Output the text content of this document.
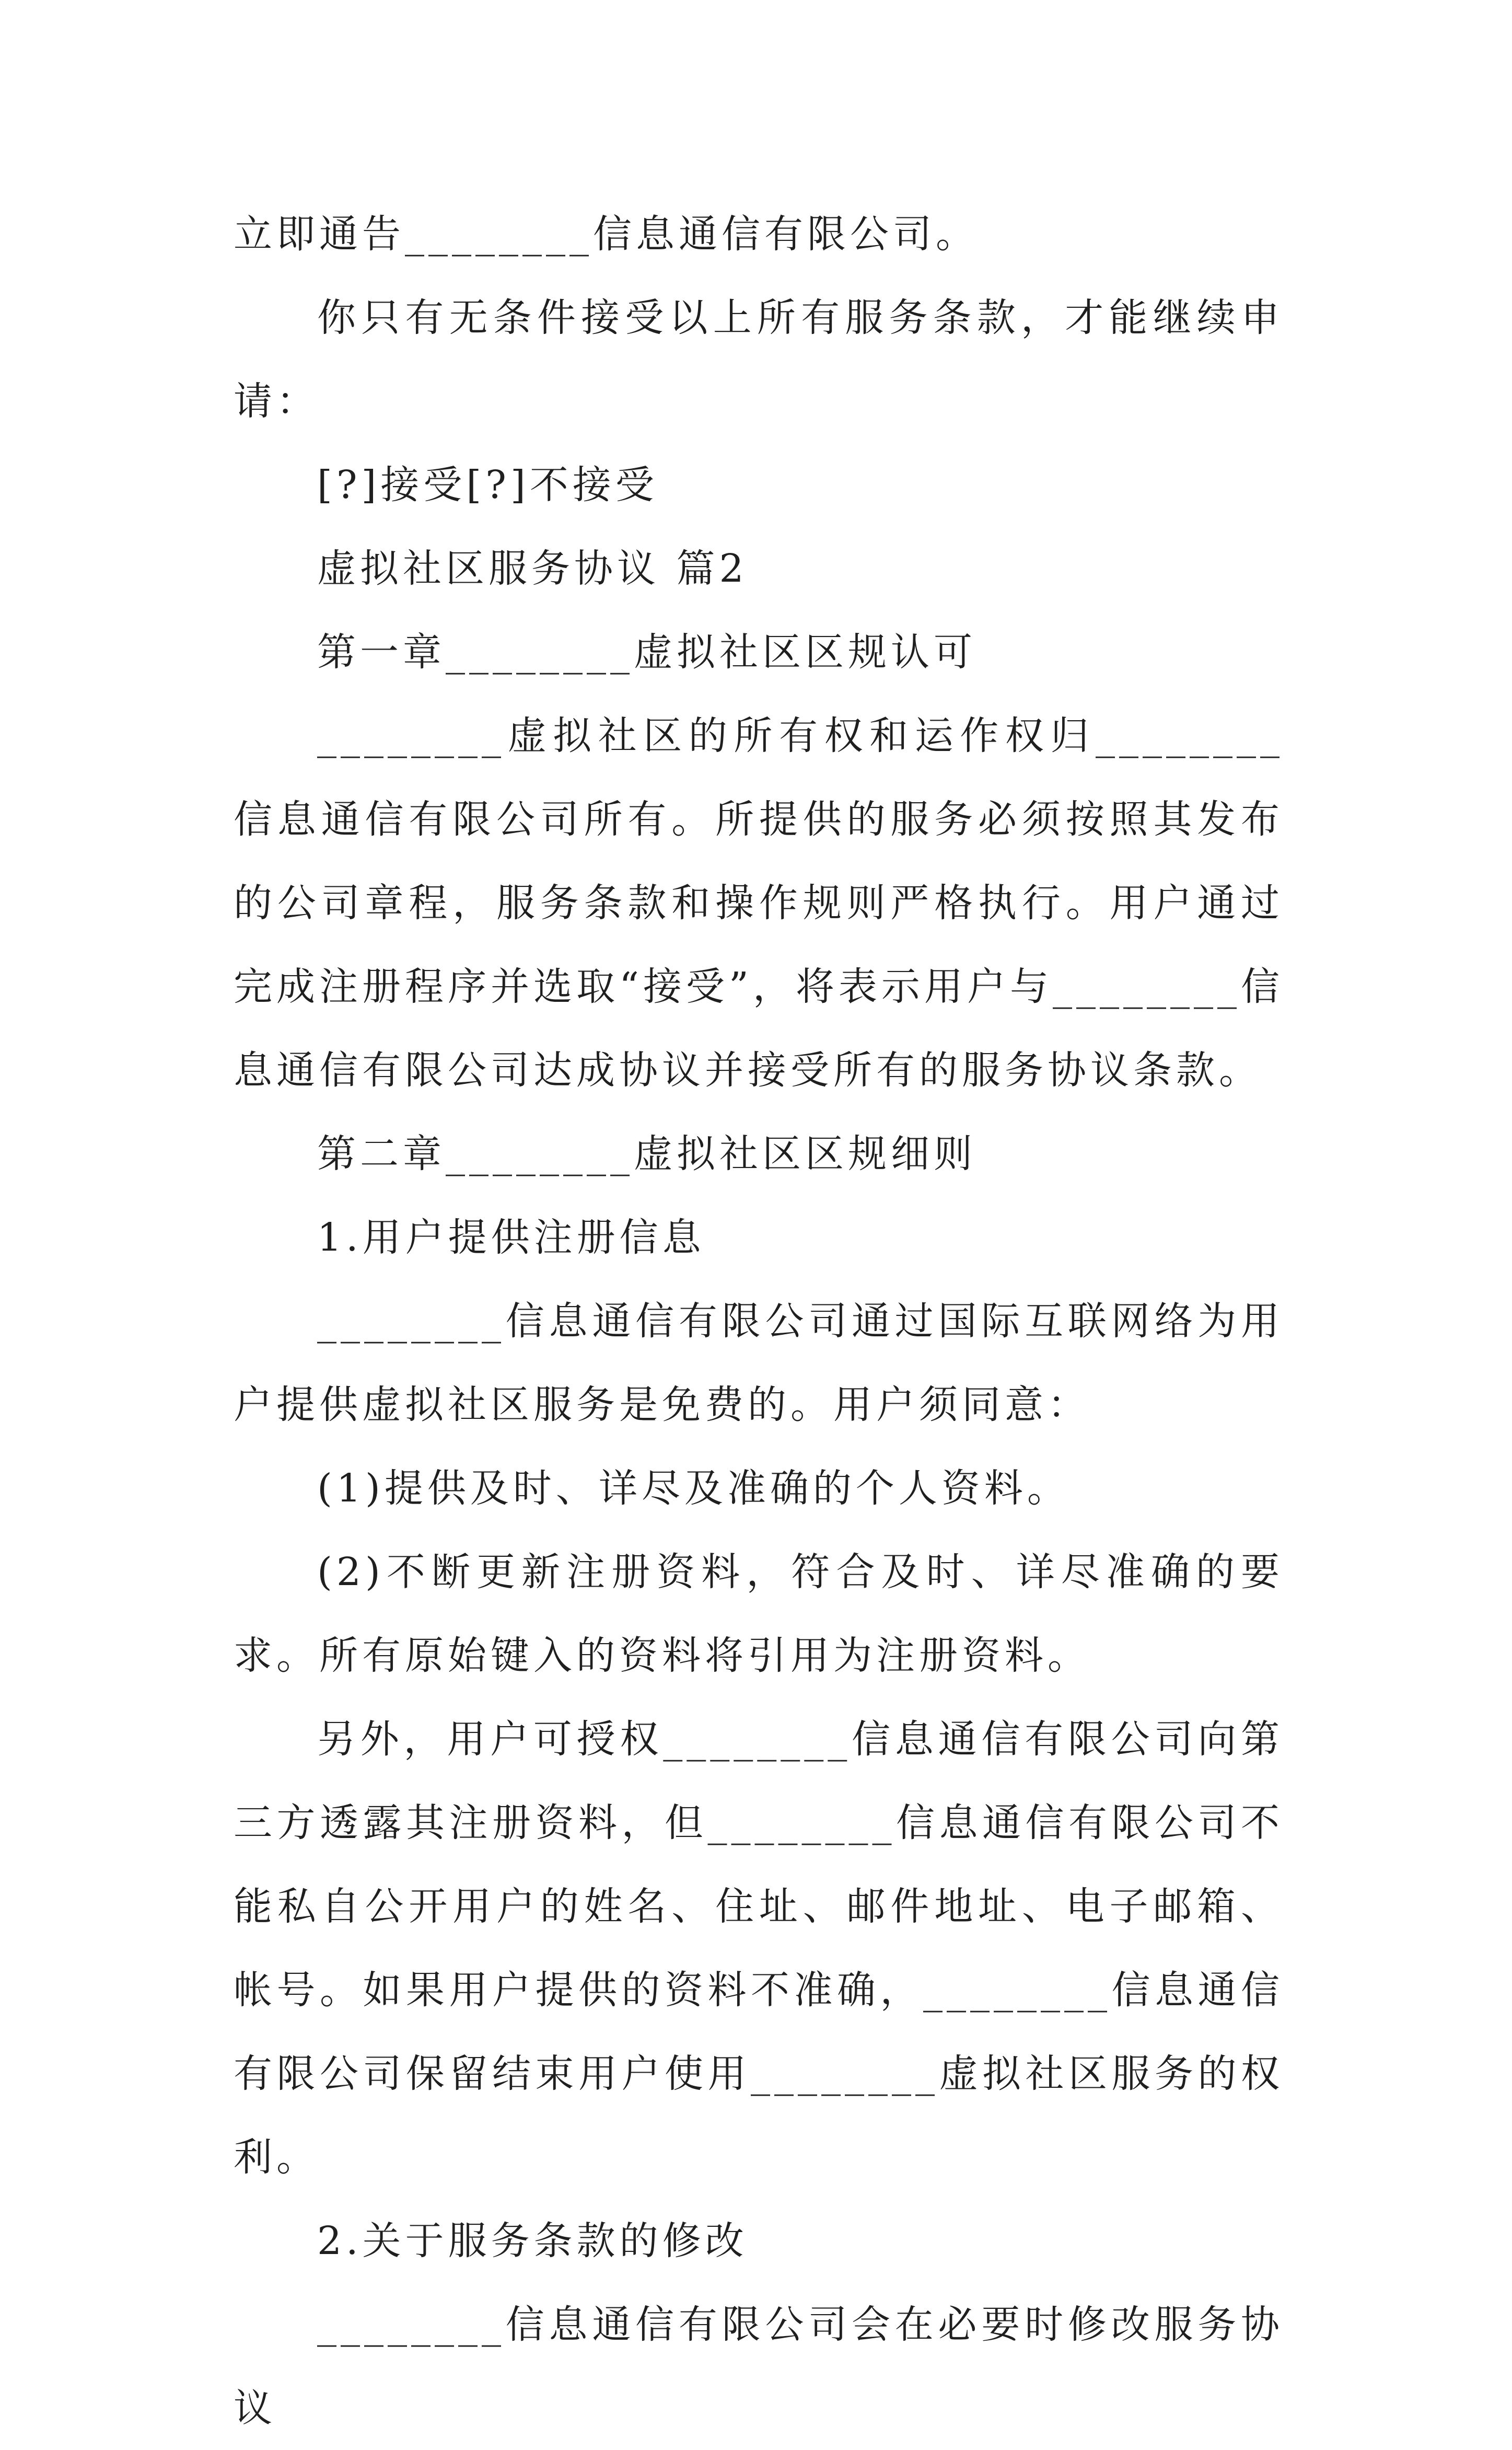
立即通告________信息通信有限公司。

你只有无条件接受以上所有服务条款，才能继续申请：

[?]接受[?]不接受

虚拟社区服务协议 篇2

第一章________虚拟社区区规认可

________虚拟社区的所有权和运作权归________信息通信有限公司所有。所提供的服务必须按照其发布的公司章程，服务条款和操作规则严格执行。用户通过完成注册程序并选取“接受”，将表示用户与________信息通信有限公司达成协议并接受所有的服务协议条款。

第二章________虚拟社区区规细则

1.用户提供注册信息

________信息通信有限公司通过国际互联网络为用户提供虚拟社区服务是免费的。用户须同意：

(1)提供及时、详尽及准确的个人资料。

(2)不断更新注册资料，符合及时、详尽准确的要求。所有原始键入的资料将引用为注册资料。

另外，用户可授权________信息通信有限公司向第三方透露其注册资料，但________信息通信有限公司不能私自公开用户的姓名、住址、邮件地址、电子邮箱、帐号。如果用户提供的资料不准确，________信息通信有限公司保留结束用户使用________虚拟社区服务的权利。

2.关于服务条款的修改

________信息通信有限公司会在必要时修改服务协议
